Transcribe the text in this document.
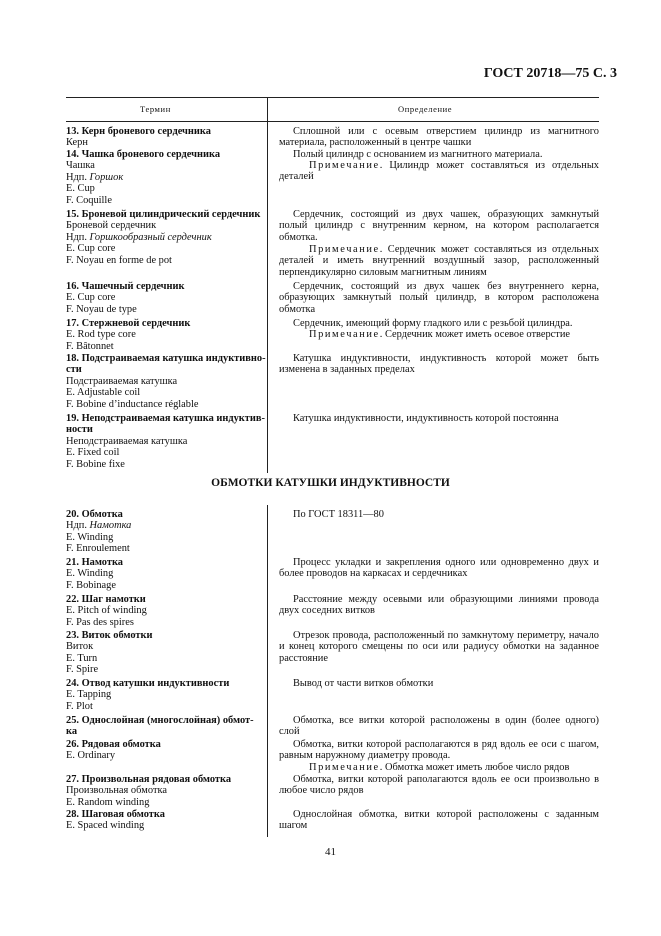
ГОСТ 20718—75 С. 3
Термин	Определение
13. Керн броневого сердечника
Керн
Сплошной или с осевым отверстием цилиндр из магнитного материала, расположенный в центре чашки
14. Чашка броневого сердечника
Чашка
Ндп. Горшок
E. Cup
F. Coquille
Полый цилиндр с основанием из магнитного материала.
Примечание. Цилиндр может составляться из отдельных деталей
15. Броневой цилиндрический сердечник
Броневой сердечник
Ндп. Горшкообразный сердечник
E. Cup core
F. Noyau en forme de pot
Сердечник, состоящий из двух чашек, образующих замкнутый полый цилиндр с внутренним керном, на котором располагается обмотка.
Примечание. Сердечник может составляться из отдельных деталей и иметь внутренний воздушный зазор, расположенный перпендикулярно силовым магнитным линиям
16. Чашечный сердечник
E. Cup core
F. Noyau de type
Сердечник, состоящий из двух чашек без внутреннего керна, образующих замкнутый полый цилиндр, в котором расположена обмотка
17. Стержневой сердечник
E. Rod type core
F. Bâtonnet
Сердечник, имеющий форму гладкого или с резьбой цилиндра.
Примечание. Сердечник может иметь осевое отверстие
18. Подстраиваемая катушка индуктивно-
сти
Подстраиваемая катушка
E. Adjustable coil
F. Bobine d’inductance réglable
Катушка индуктивности, индуктивность которой может быть изменена в заданных пределах
19. Неподстраиваемая катушка индуктив-
ности
Неподстраиваемая катушка
E. Fixed coil
F. Bobine fixe
Катушка индуктивности, индуктивность которой постоянна
ОБМОТКИ КАТУШКИ ИНДУКТИВНОСТИ
20. Обмотка
Ндп. Намотка
E. Winding
F. Enroulement
По ГОСТ 18311—80
21. Намотка
E. Winding
F. Bobinage
Процесс укладки и закрепления одного или одновременно двух и более проводов на каркасах и сердечниках
22. Шаг намотки
E. Pitch of winding
F. Pas des spires
Расстояние между осевыми или образующими линиями провода двух соседних витков
23. Виток обмотки
Виток
E. Turn
F. Spire
Отрезок провода, расположенный по замкнутому периметру, начало и конец которого смещены по оси или радиусу обмотки на заданное расстояние
24. Отвод катушки индуктивности
E. Tapping
F. Plot
Вывод от части витков обмотки
25. Однослойная (многослойная) обмот-
ка
Обмотка, все витки которой расположены в один (более одного) слой
26. Рядовая обмотка
E. Ordinary
Обмотка, витки которой располагаются в ряд вдоль ее оси с шагом, равным наружному диаметру провода.
Примечание. Обмотка может иметь любое число рядов
27. Произвольная рядовая обмотка
Произвольная обмотка
E. Random winding
Обмотка, витки которой раполагаются вдоль ее оси произвольно в любое число рядов
28. Шаговая обмотка
E. Spaced winding
Однослойная обмотка, витки которой расположены с заданным шагом
41
